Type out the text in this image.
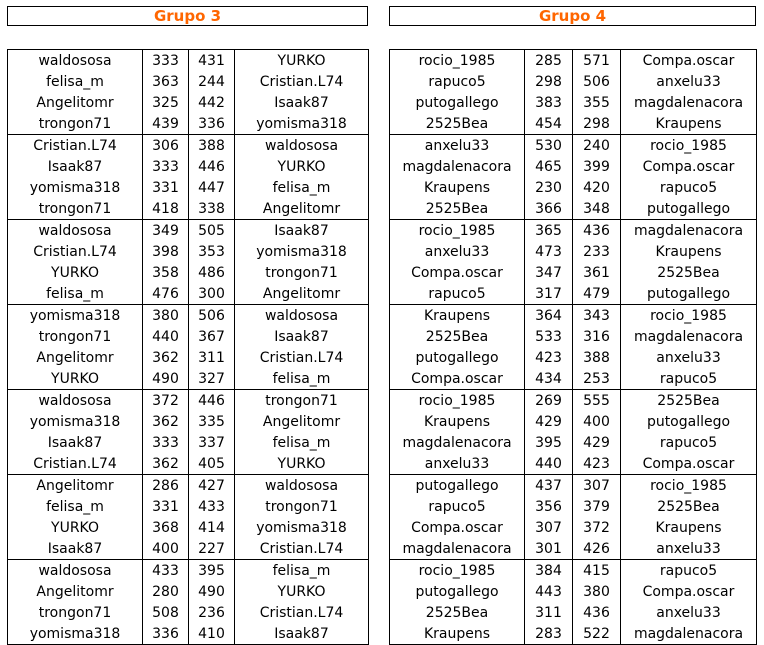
Grupo 3	Grupo 4
waldososa	333	431	YURKO
felisa_m	363	244	Cristian.L74
Angelitomr	325	442	Isaak87
trongon71	439	336	yomisma318
Cristian.L74	306	388	waldososa
Isaak87	333	446	YURKO
yomisma318	331	447	felisa_m
trongon71	418	338	Angelitomr
waldososa	349	505	Isaak87
Cristian.L74	398	353	yomisma318
YURKO	358	486	trongon71
felisa_m	476	300	Angelitomr
yomisma318	380	506	waldososa
trongon71	440	367	Isaak87
Angelitomr	362	311	Cristian.L74
YURKO	490	327	felisa_m
waldososa	372	446	trongon71
yomisma318	362	335	Angelitomr
Isaak87	333	337	felisa_m
Cristian.L74	362	405	YURKO
Angelitomr	286	427	waldososa
felisa_m	331	433	trongon71
YURKO	368	414	yomisma318
Isaak87	400	227	Cristian.L74
waldososa	433	395	felisa_m
Angelitomr	280	490	YURKO
trongon71	508	236	Cristian.L74
yomisma318	336	410	Isaak87
rocio_1985	285	571	Compa.oscar
rapuco5	298	506	anxelu33
putogallego	383	355	magdalenacora
2525Bea	454	298	Kraupens
anxelu33	530	240	rocio_1985
magdalenacora	465	399	Compa.oscar
Kraupens	230	420	rapuco5
2525Bea	366	348	putogallego
rocio_1985	365	436	magdalenacora
anxelu33	473	233	Kraupens
Compa.oscar	347	361	2525Bea
rapuco5	317	479	putogallego
Kraupens	364	343	rocio_1985
2525Bea	533	316	magdalenacora
putogallego	423	388	anxelu33
Compa.oscar	434	253	rapuco5
rocio_1985	269	555	2525Bea
Kraupens	429	400	putogallego
magdalenacora	395	429	rapuco5
anxelu33	440	423	Compa.oscar
putogallego	437	307	rocio_1985
rapuco5	356	379	2525Bea
Compa.oscar	307	372	Kraupens
magdalenacora	301	426	anxelu33
rocio_1985	384	415	rapuco5
putogallego	443	380	Compa.oscar
2525Bea	311	436	anxelu33
Kraupens	283	522	magdalenacora
